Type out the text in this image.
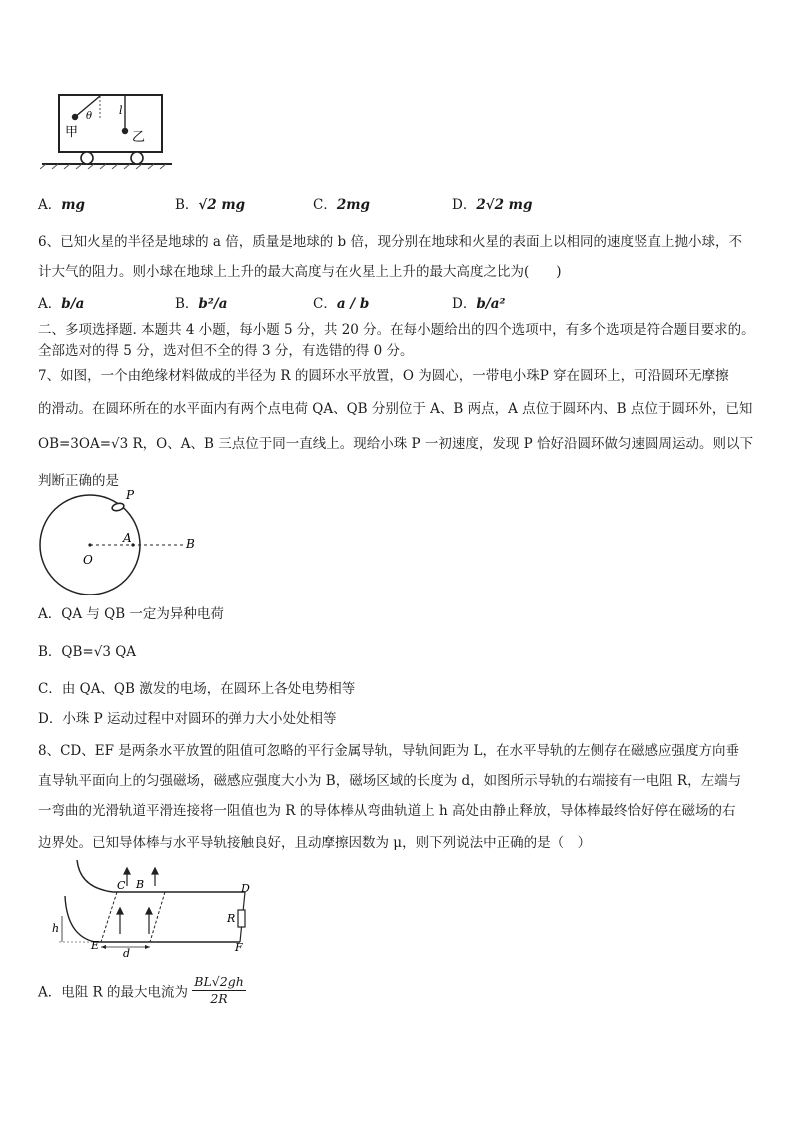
θ l
甲	乙
A．mg	B．√2 mg	C．2mg	D．2√2 mg
6、已知火星的半径是地球的 a 倍，质量是地球的 b 倍，现分别在地球和火星的表面上以相同的速度竖直上抛小球，不
计大气的阻力。则小球在地球上上升的最大高度与在火星上上升的最大高度之比为(　　)
A．b/a	B．b²/a	C．a / b	D．b/a²
二、多项选择题. 本题共 4 小题，每小题 5 分，共 20 分。在每小题给出的四个选项中，有多个选项是符合题目要求的。
全部选对的得 5 分，选对但不全的得 3 分，有选错的得 0 分。
7、如图，一个由绝缘材料做成的半径为 R 的圆环水平放置，O 为圆心，一带电小珠P 穿在圆环上，可沿圆环无摩擦
的滑动。在圆环所在的水平面内有两个点电荷 QA、QB 分别位于 A、B 两点，A 点位于圆环内、B 点位于圆环外，已知
OB=3OA=√3 R，O、A、B 三点位于同一直线上。现给小珠 P 一初速度，发现 P 恰好沿圆环做匀速圆周运动。则以下
判断正确的是
P
O
A	B
A．QA 与 QB 一定为异种电荷
B．QB=√3 QA
C．由 QA、QB 激发的电场，在圆环上各处电势相等
D．小珠 P 运动过程中对圆环的弹力大小处处相等
8、CD、EF 是两条水平放置的阻值可忽略的平行金属导轨，导轨间距为 L，在水平导轨的左侧存在磁感应强度方向垂
直导轨平面向上的匀强磁场，磁感应强度大小为 B，磁场区域的长度为 d，如图所示导轨的右端接有一电阻 R，左端与
一弯曲的光滑轨道平滑连接将一阻值也为 R 的导体棒从弯曲轨道上 h 高处由静止释放，导体棒最终恰好停在磁场的右
边界处。已知导体棒与水平导轨接触良好，且动摩擦因数为 μ，则下列说法中正确的是（　）
C B	D
R
h
E
d	F
A．电阻 R 的最大电流为 $\frac{BL√2gh}{2R}$
